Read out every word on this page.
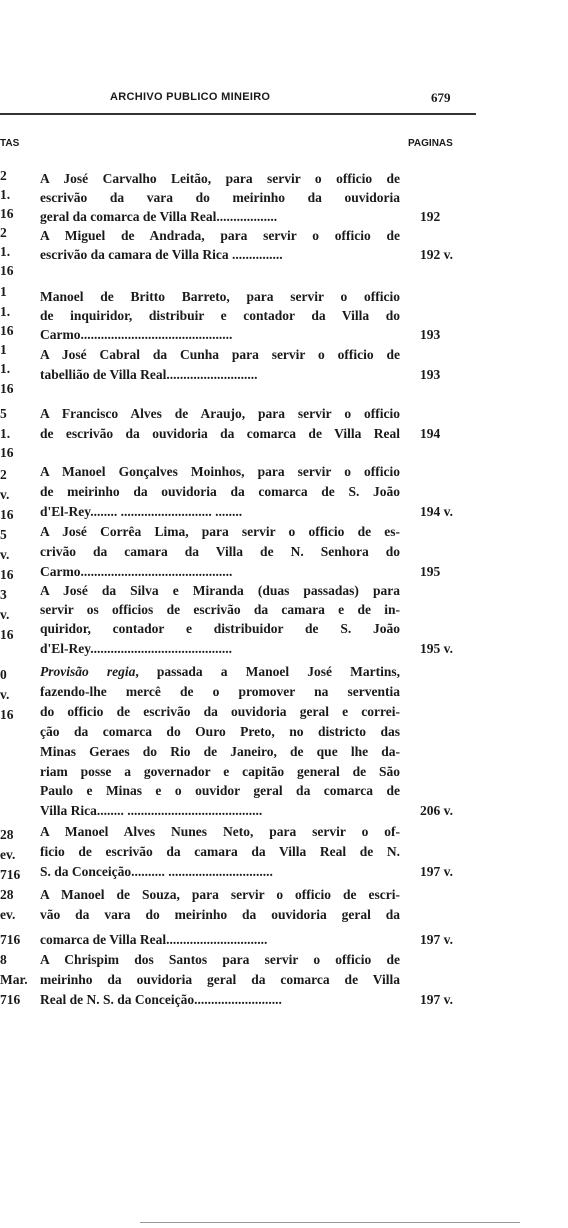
ARCHIVO PUBLICO MINEIRO	679
TAS	PAGINAS
2
1.
16
2
1.
16
1
1.
16
1
1.
16
5
1.
16
2
v.
16
5
v.
16
3
v.
16
0
v.
16
28
ev.
716
28
ev.
716
8
Mar.
716
A José Carvalho Leitão, para servir o officio de
escrivão da vara do meirinho da ouvidoria
geral da comarca de Villa Real..................
A Miguel de Andrada, para servir o officio de
escrivão da camara de Villa Rica ...............
Manoel de Britto Barreto, para servir o officio
de inquiridor, distribuir e contador da Villa do
Carmo.............................................
A José Cabral da Cunha para servir o officio de
tabellião de Villa Real...........................
A Francisco Alves de Araujo, para servir o officio
de escrivão da ouvidoria da comarca de Villa Real
A Manoel Gonçalves Moinhos, para servir o officio
de meirinho da ouvidoria da comarca de S. João
d'El-Rey........ ........................... ........
A José Corrêa Lima, para servir o officio de es-
crivão da camara da Villa de N. Senhora do
Carmo.............................................
A José da Silva e Miranda (duas passadas) para
servir os officios de escrivão da camara e de in-
quiridor, contador e distribuidor de S. João
d'El-Rey..........................................
Provisão regia, passada a Manoel José Martins,
fazendo-lhe mercê de o promover na serventia
do officio de escrivão da ouvidoria geral e correi-
ção da comarca do Ouro Preto, no districto das
Minas Geraes do Rio de Janeiro, de que lhe da-
riam posse a governador e capitão general de São
Paulo e Minas e o ouvidor geral da comarca de
Villa Rica........ ........................................
A Manoel Alves Nunes Neto, para servir o of-
ficio de escrivão da camara da Villa Real de N.
S. da Conceição.......... ...............................
A Manoel de Souza, para servir o officio de escri-
vão da vara do meirinho da ouvidoria geral da
comarca de Villa Real..............................
A Chrispim dos Santos para servir o officio de
meirinho da ouvidoria geral da comarca de Villa
Real de N. S. da Conceição..........................
192
192 v.
193
193
194
194 v.
195
195 v.
206 v.
197 v.
197 v.
197 v.
